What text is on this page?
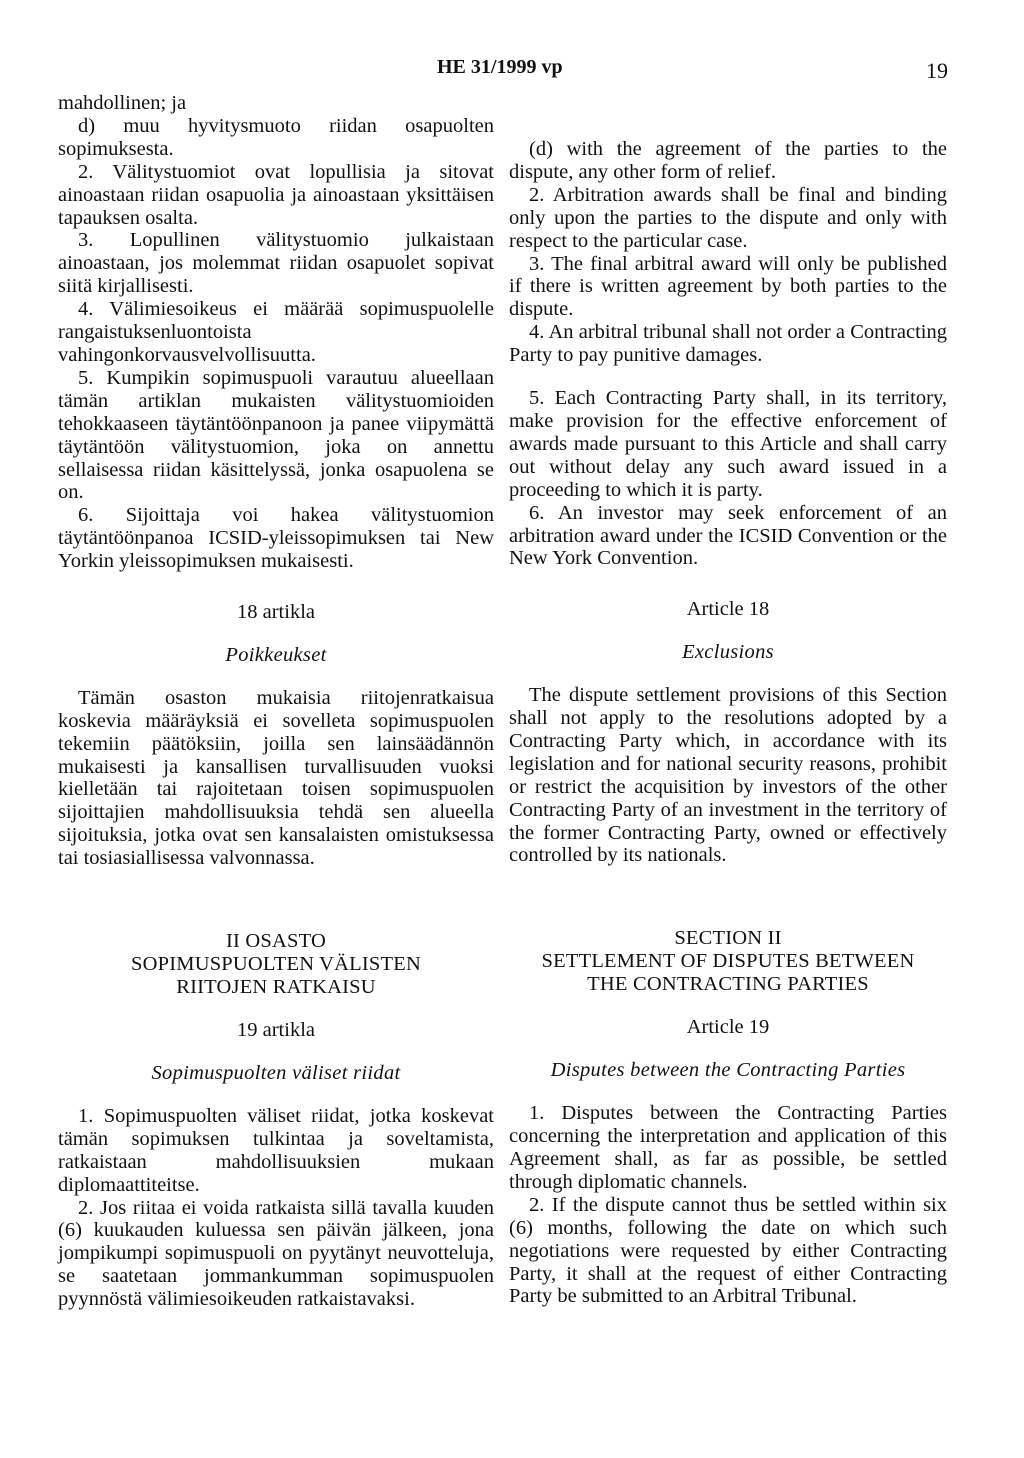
HE 31/1999 vp	19

mahdollinen; ja

d) muu hyvitysmuoto riidan osapuolten sopimuksesta.

2. Välitystuomiot ovat lopullisia ja sitovat ainoastaan riidan osapuolia ja ainoastaan yksittäisen tapauksen osalta.

3. Lopullinen välitystuomio julkaistaan ainoastaan, jos molemmat riidan osapuolet sopivat siitä kirjallisesti.

4. Välimiesoikeus ei määrää sopimuspuolelle rangaistuksenluontoista vahingonkorvausvelvollisuutta.

5. Kumpikin sopimuspuoli varautuu alueellaan tämän artiklan mukaisten välitystuomioiden tehokkaaseen täytäntöönpanoon ja panee viipymättä täytäntöön välitystuomion, joka on annettu sellaisessa riidan käsittelyssä, jonka osapuolena se on.

6. Sijoittaja voi hakea välitystuomion täytäntöönpanoa ICSID-yleissopimuksen tai New Yorkin yleissopimuksen mukaisesti.

18 artikla

Poikkeukset

Tämän osaston mukaisia riitojenratkaisua koskevia määräyksiä ei sovelleta sopimuspuolen tekemiin päätöksiin, joilla sen lainsäädännön mukaisesti ja kansallisen turvallisuuden vuoksi kielletään tai rajoitetaan toisen sopimuspuolen sijoittajien mahdollisuuksia tehdä sen alueella sijoituksia, jotka ovat sen kansalaisten omistuksessa tai tosiasiallisessa valvonnassa.

II OSASTO

SOPIMUSPUOLTEN VÄLISTEN

RIITOJEN RATKAISU

19 artikla

Sopimuspuolten väliset riidat

1. Sopimuspuolten väliset riidat, jotka koskevat tämän sopimuksen tulkintaa ja soveltamista, ratkaistaan mahdollisuuksien mukaan diplomaattiteitse.

2. Jos riitaa ei voida ratkaista sillä tavalla kuuden (6) kuukauden kuluessa sen päivän jälkeen, jona jompikumpi sopimuspuoli on pyytänyt neuvotteluja, se saatetaan jommankumman sopimuspuolen pyynnöstä välimiesoikeuden ratkaistavaksi.

(d) with the agreement of the parties to the dispute, any other form of relief.

2. Arbitration awards shall be final and binding only upon the parties to the dispute and only with respect to the particular case.

3. The final arbitral award will only be published if there is written agreement by both parties to the dispute.

4. An arbitral tribunal shall not order a Contracting Party to pay punitive damages.

5. Each Contracting Party shall, in its territory, make provision for the effective enforcement of awards made pursuant to this Article and shall carry out without delay any such award issued in a proceeding to which it is party.

6. An investor may seek enforcement of an arbitration award under the ICSID Convention or the New York Convention.

Article 18

Exclusions

The dispute settlement provisions of this Section shall not apply to the resolutions adopted by a Contracting Party which, in accordance with its legislation and for national security reasons, prohibit or restrict the acquisition by investors of the other Contracting Party of an investment in the territory of the former Contracting Party, owned or effectively controlled by its nationals.

SECTION II

SETTLEMENT OF DISPUTES BETWEEN

THE CONTRACTING PARTIES

Article 19

Disputes between the Contracting Parties

1. Disputes between the Contracting Parties concerning the interpretation and application of this Agreement shall, as far as possible, be settled through diplomatic channels.

2. If the dispute cannot thus be settled within six (6) months, following the date on which such negotiations were requested by either Contracting Party, it shall at the request of either Contracting Party be submitted to an Arbitral Tribunal.
